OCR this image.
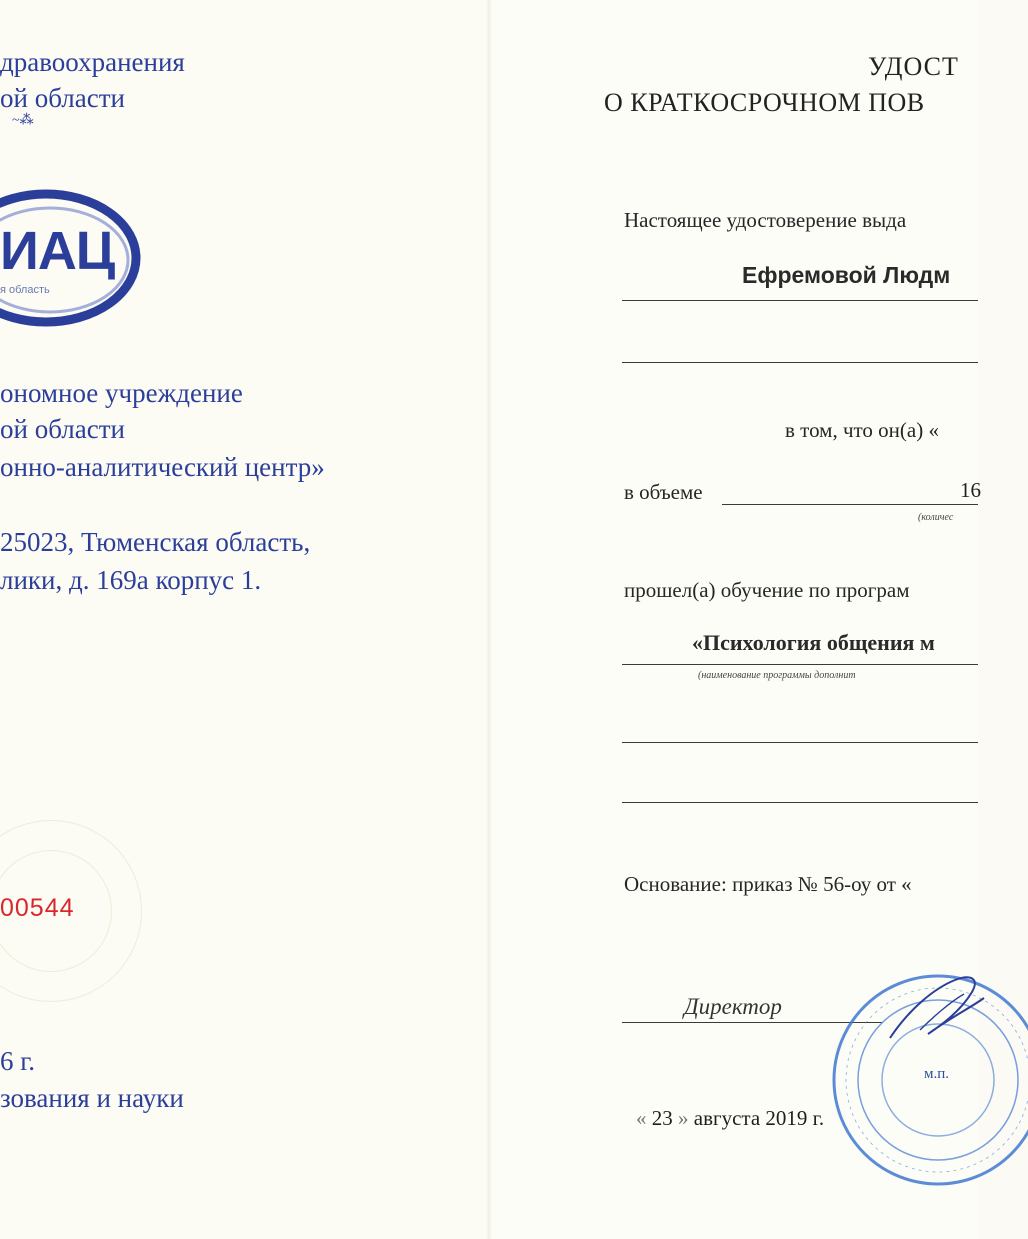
дравоохранения
ой области
~⁂
ИАЦ
я область
ономное учреждение
ой области
онно-аналитический центр»
25023, Тюменская область,
лики, д. 169а корпус 1.
00544
6 г.
зования и науки
УДОСТ
О КРАТКОСРОЧНОМ ПОВ
Настоящее удостоверение выда
Ефремовой Людм
в том, что он(а) «
в объеме	16
(количес
прошел(а) обучение по програм
«Психология общения м
(наименование программы дополнит
Основание: приказ № 56-оу от «
Директор
м.п.
« 23 » августа 2019 г.
